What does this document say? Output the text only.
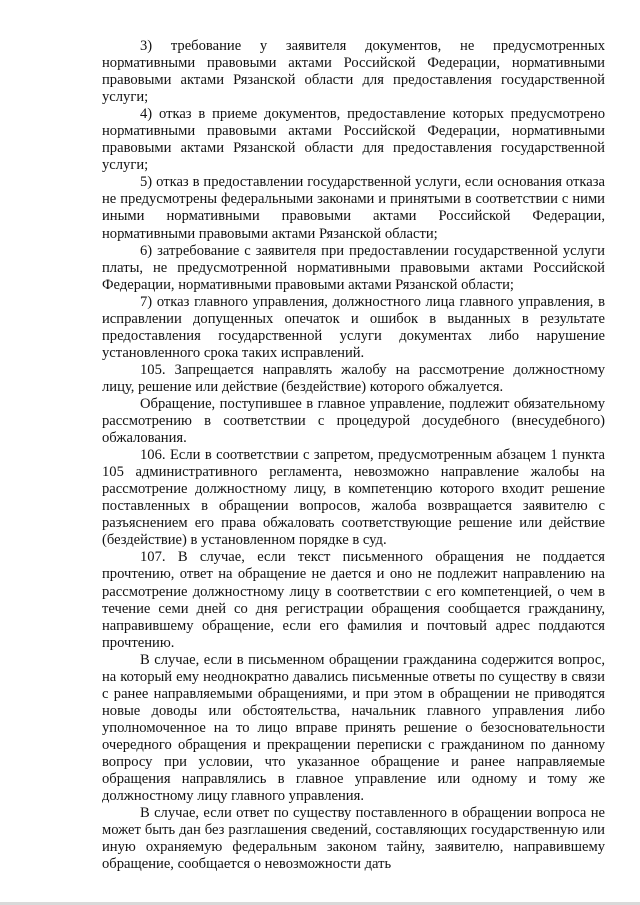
3) требование у заявителя документов, не предусмотренных нормативными правовыми актами Российской Федерации, нормативными правовыми актами Рязанской области для предоставления государственной услуги;

4) отказ в приеме документов, предоставление которых предусмотрено нормативными правовыми актами Российской Федерации, нормативными правовыми актами Рязанской области для предоставления государственной услуги;

5) отказ в предоставлении государственной услуги, если основания отказа не предусмотрены федеральными законами и принятыми в соответствии с ними иными нормативными правовыми актами Российской Федерации, нормативными правовыми актами Рязанской области;

6) затребование с заявителя при предоставлении государственной услуги платы, не предусмотренной нормативными правовыми актами Российской Федерации, нормативными правовыми актами Рязанской области;

7) отказ главного управления, должностного лица главного управления, в исправлении допущенных опечаток и ошибок в выданных в результате предоставления государственной услуги документах либо нарушение установленного срока таких исправлений.

105. Запрещается направлять жалобу на рассмотрение должностному лицу, решение или действие (бездействие) которого обжалуется.

Обращение, поступившее в главное управление, подлежит обязательному рассмотрению в соответствии с процедурой досудебного (внесудебного) обжалования.

106. Если в соответствии с запретом, предусмотренным абзацем 1 пункта 105 административного регламента, невозможно направление жалобы на рассмотрение должностному лицу, в компетенцию которого входит решение поставленных в обращении вопросов, жалоба возвращается заявителю с разъяснением его права обжаловать соответствующие решение или действие (бездействие) в установленном порядке в суд.

107. В случае, если текст письменного обращения не поддается прочтению, ответ на обращение не дается и оно не подлежит направлению на рассмотрение должностному лицу в соответствии с его компетенцией, о чем в течение семи дней со дня регистрации обращения сообщается гражданину, направившему обращение, если его фамилия и почтовый адрес поддаются прочтению.

В случае, если в письменном обращении гражданина содержится вопрос, на который ему неоднократно давались письменные ответы по существу в связи с ранее направляемыми обращениями, и при этом в обращении не приводятся новые доводы или обстоятельства, начальник главного управления либо уполномоченное на то лицо вправе принять решение о безосновательности очередного обращения и прекращении переписки с гражданином по данному вопросу при условии, что указанное обращение и ранее направляемые обращения направлялись в главное управление или одному и тому же должностному лицу главного управления.

В случае, если ответ по существу поставленного в обращении вопроса не может быть дан без разглашения сведений, составляющих государственную или иную охраняемую федеральным законом тайну, заявителю, направившему обращение, сообщается о невозможности дать
